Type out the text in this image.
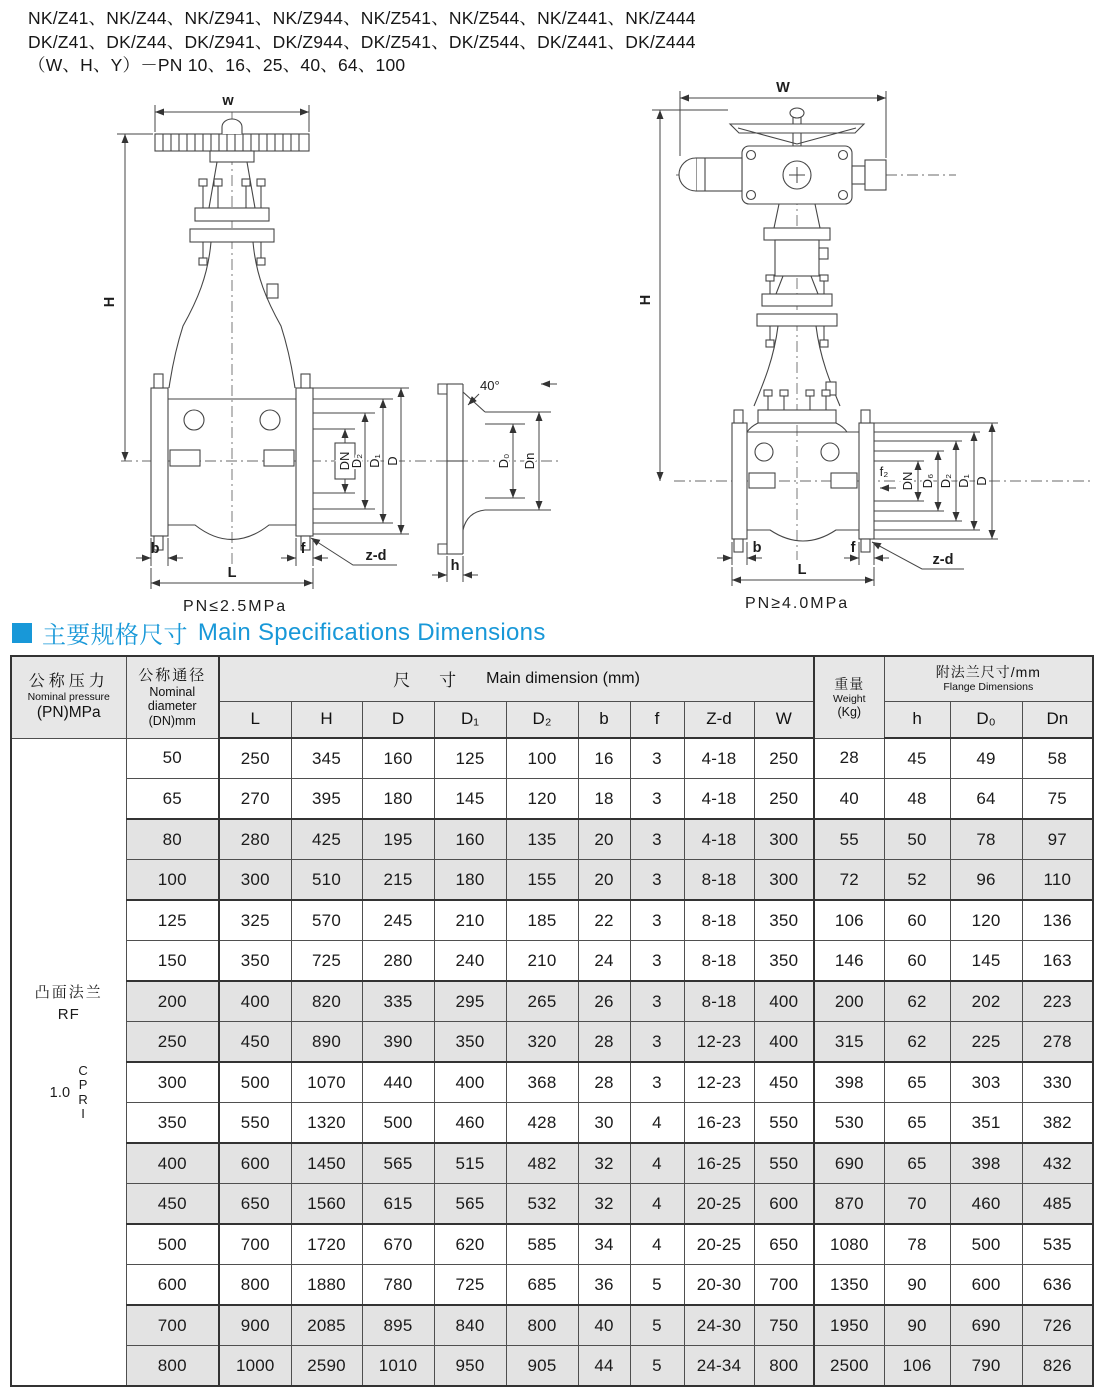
NK/Z41、NK/Z44、NK/Z941、NK/Z944、NK/Z541、NK/Z544、NK/Z441、NK/Z444
DK/Z41、DK/Z44、DK/Z941、DK/Z944、DK/Z541、DK/Z544、DK/Z441、DK/Z444
（W、H、Y）－PN 10、16、25、40、64、100
w
H
DN
D₂ D₁ D
z-d
b	f
L
PN≤2.5MPa
40°
D₀ Dn
h
W
H
f₂
DN D₆ D₂ D₁ D
z-d
b	f
L
PN≥4.0MPa
主要规格尺寸 Main Specifications Dimensions
公称压力
Nominal pressure
(PN)MPa

公称通径
Nominal
diameter
(DN)mm

尺　寸 Main dimension (mm)	重量
Weight
(Kg)

附法兰尺寸/mm
Flange Dimensions

		L	H	D	D₁	D₂	b	f	Z-d	W		h	D₀	Dn

凸面法兰
RF
1.0
C
P
R
I
	50	250	345	160	125	100	16	3	4-18	250	28	45	49	58
	65	270	395	180	145	120	18	3	4-18	250	40	48	64	75
	80	280	425	195	160	135	20	3	4-18	300	55	50	78	97
	100	300	510	215	180	155	20	3	8-18	300	72	52	96	110
	125	325	570	245	210	185	22	3	8-18	350	106	60	120	136
	150	350	725	280	240	210	24	3	8-18	350	146	60	145	163
	200	400	820	335	295	265	26	3	8-18	400	200	62	202	223
	250	450	890	390	350	320	28	3	12-23	400	315	62	225	278
	300	500	1070	440	400	368	28	3	12-23	450	398	65	303	330
	350	550	1320	500	460	428	30	4	16-23	550	530	65	351	382
	400	600	1450	565	515	482	32	4	16-25	550	690	65	398	432
	450	650	1560	615	565	532	32	4	20-25	600	870	70	460	485
	500	700	1720	670	620	585	34	4	20-25	650	1080	78	500	535
	600	800	1880	780	725	685	36	5	20-30	700	1350	90	600	636
	700	900	2085	895	840	800	40	5	24-30	750	1950	90	690	726
	800	1000	2590	1010	950	905	44	5	24-34	800	2500	106	790	826
